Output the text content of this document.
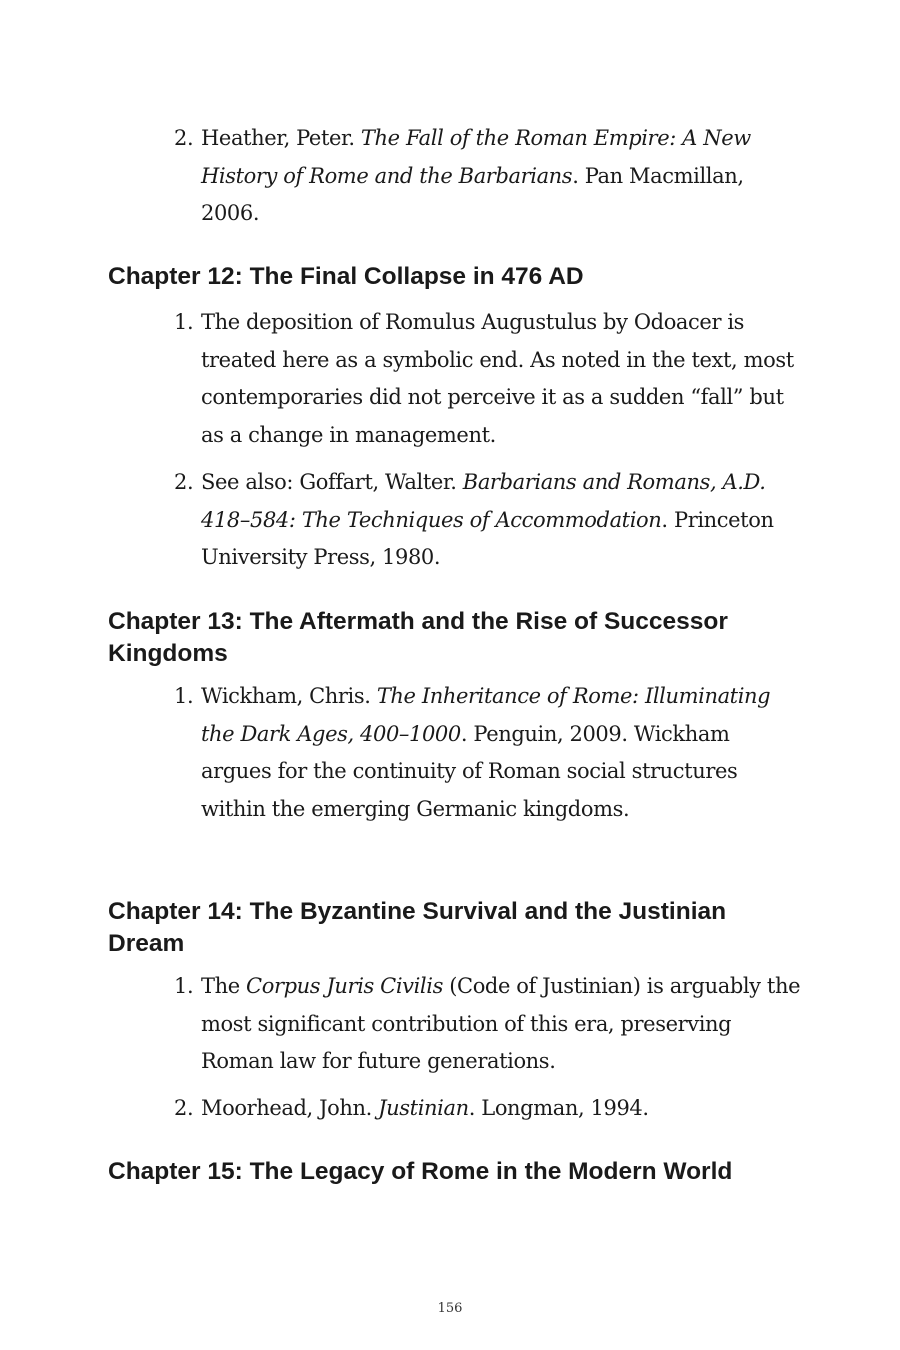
2. Heather, Peter. The Fall of the Roman Empire: A New History of Rome and the Barbarians. Pan Macmillan, 2006.

Chapter 12: The Final Collapse in 476 AD

1. The deposition of Romulus Augustulus by Odoacer is treated here as a symbolic end. As noted in the text, most contemporaries did not perceive it as a sudden “fall” but as a change in management.

2. See also: Goffart, Walter. Barbarians and Romans, A.D. 418–584: The Techniques of Accommodation. Princeton University Press, 1980.

Chapter 13: The Aftermath and the Rise of Successor Kingdoms

1. Wickham, Chris. The Inheritance of Rome: Illuminating the Dark Ages, 400–1000. Penguin, 2009. Wickham argues for the continuity of Roman social structures within the emerging Germanic kingdoms.

Chapter 14: The Byzantine Survival and the Justinian Dream

1. The Corpus Juris Civilis (Code of Justinian) is arguably the most significant contribution of this era, preserving Roman law for future generations.

2. Moorhead, John. Justinian. Longman, 1994.

Chapter 15: The Legacy of Rome in the Modern World
156
